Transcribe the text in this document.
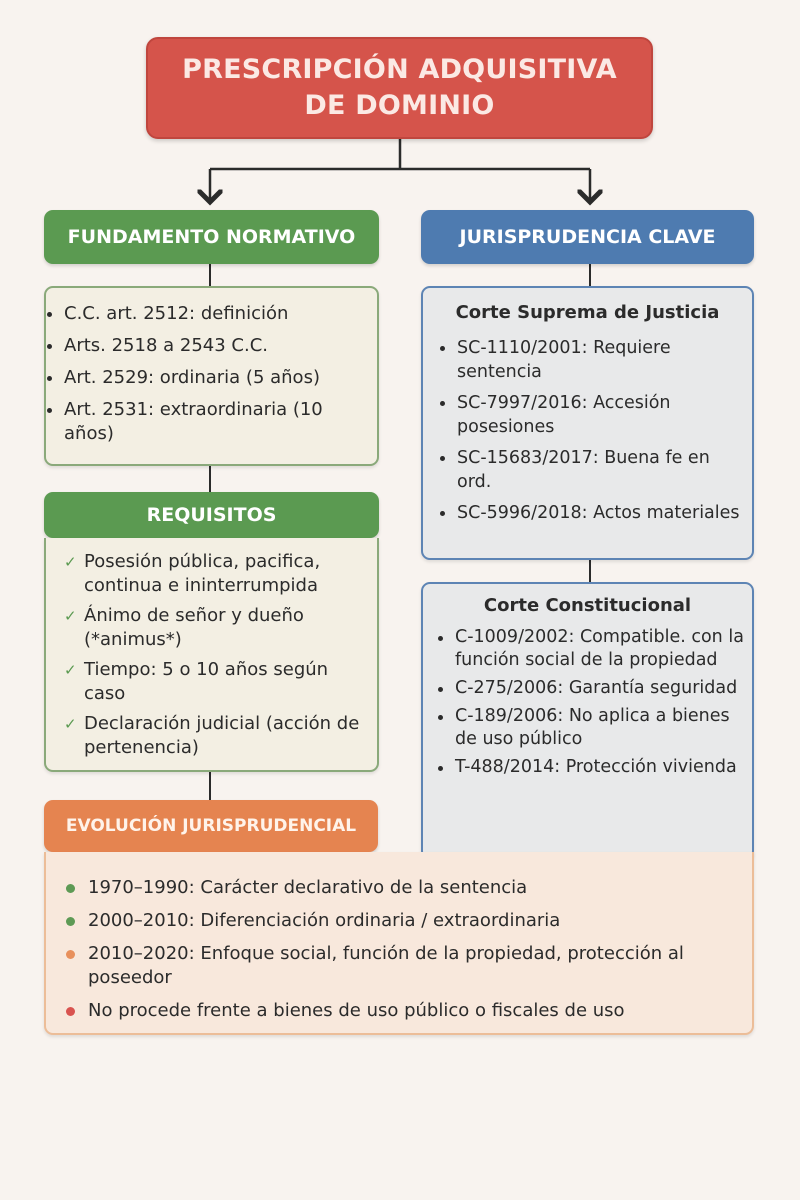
PRESCRIPCIÓN ADQUISITIVA
DE DOMINIO
FUNDAMENTO NORMATIVO
C.C. art. 2512: definición
Arts. 2518 a 2543 C.C.
Art. 2529: ordinaria (5 años)
Art. 2531: extraordinaria (10 años)
REQUISITOS
✓ Posesión pública, pacifica, continua e ininterrumpida
✓ Ánimo de señor y dueño (*animus*)
✓ Tiempo: 5 o 10 años según caso
✓ Declaración judicial (acción de pertenencia)
JURISPRUDENCIA CLAVE
Corte Suprema de Justicia
SC-1110/2001: Requiere sentencia
SC-7997/2016: Accesión posesiones
SC-15683/2017: Buena fe en ord.
SC-5996/2018: Actos materiales
Corte Constitucional
C-1009/2002: Compatible. con la función social de la propiedad
C-275/2006: Garantía seguridad
C-189/2006: No aplica a bienes de uso público
T-488/2014: Protección vivienda
EVOLUCIÓN JURISPRUDENCIAL
1970–1990: Carácter declarativo de la sentencia
2000–2010: Diferenciación ordinaria / extraordinaria
2010–2020: Enfoque social, función de la propiedad, protección al poseedor
No procede frente a bienes de uso público o fiscales de uso
